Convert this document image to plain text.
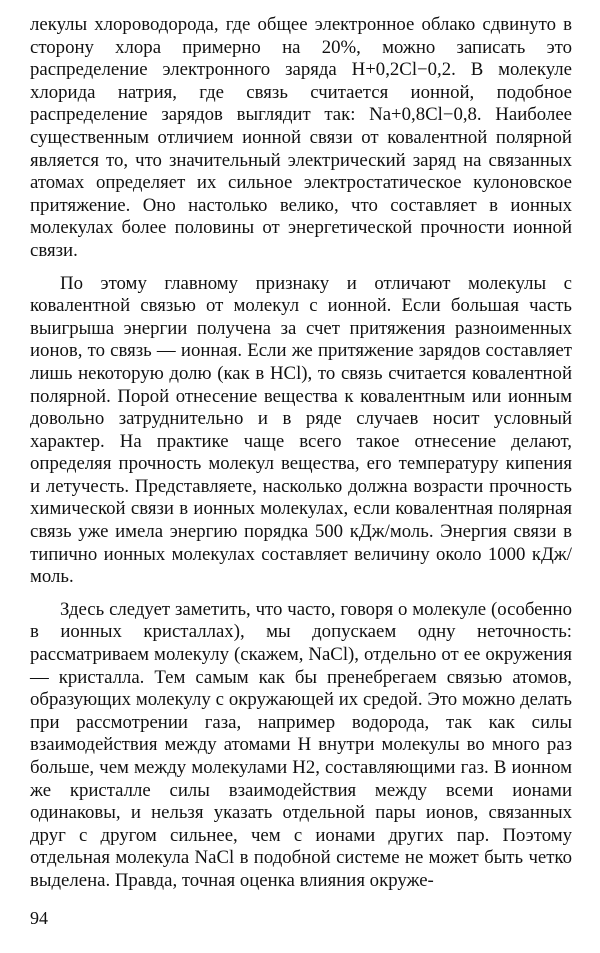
лекулы хлороводорода, где общее электронное облако сдвинуто в сторону хлора примерно на 20%, можно записать это распределение электронного заряда H+0,2Cl−0,2. В молекуле хлорида натрия, где связь считается ионной, подобное распределение зарядов выглядит так: Na+0,8Cl−0,8. Наиболее существенным отличием ионной связи от ковалентной полярной является то, что значительный электрический заряд на связанных атомах определяет их сильное электростатическое кулоновское притяжение. Оно настолько велико, что составляет в ионных молекулах более половины от энергетической прочности ионной связи.

По этому главному признаку и отличают молекулы с ковалентной связью от молекул с ионной. Если большая часть выигрыша энергии получена за счет притяжения разноименных ионов, то связь — ионная. Если же притяжение зарядов составляет лишь некоторую долю (как в HCl), то связь считается ковалентной полярной. Порой отнесение вещества к ковалентным или ионным довольно затруднительно и в ряде случаев носит условный характер. На практике чаще всего такое отнесение делают, определяя прочность молекул вещества, его температуру кипения и летучесть. Представляете, насколько должна возрасти прочность химической связи в ионных молекулах, если ковалентная полярная связь уже имела энергию порядка 500 кДж/моль. Энергия связи в типично ионных молекулах составляет величину около 1000 кДж/моль.

Здесь следует заметить, что часто, говоря о молекуле (особенно в ионных кристаллах), мы допускаем одну неточность: рассматриваем молекулу (скажем, NaCl), отдельно от ее окружения — кристалла. Тем самым как бы пренебрегаем связью атомов, образующих молекулу с окружающей их средой. Это можно делать при рассмотрении газа, например водорода, так как силы взаимодействия между атомами H внутри молекулы во много раз больше, чем между молекулами H2, составляющими газ. В ионном же кристалле силы взаимодействия между всеми ионами одинаковы, и нельзя указать отдельной пары ионов, связанных друг с другом сильнее, чем с ионами других пар. Поэтому отдельная молекула NaCl в подобной системе не может быть четко выделена. Правда, точная оценка влияния окруже-

94
